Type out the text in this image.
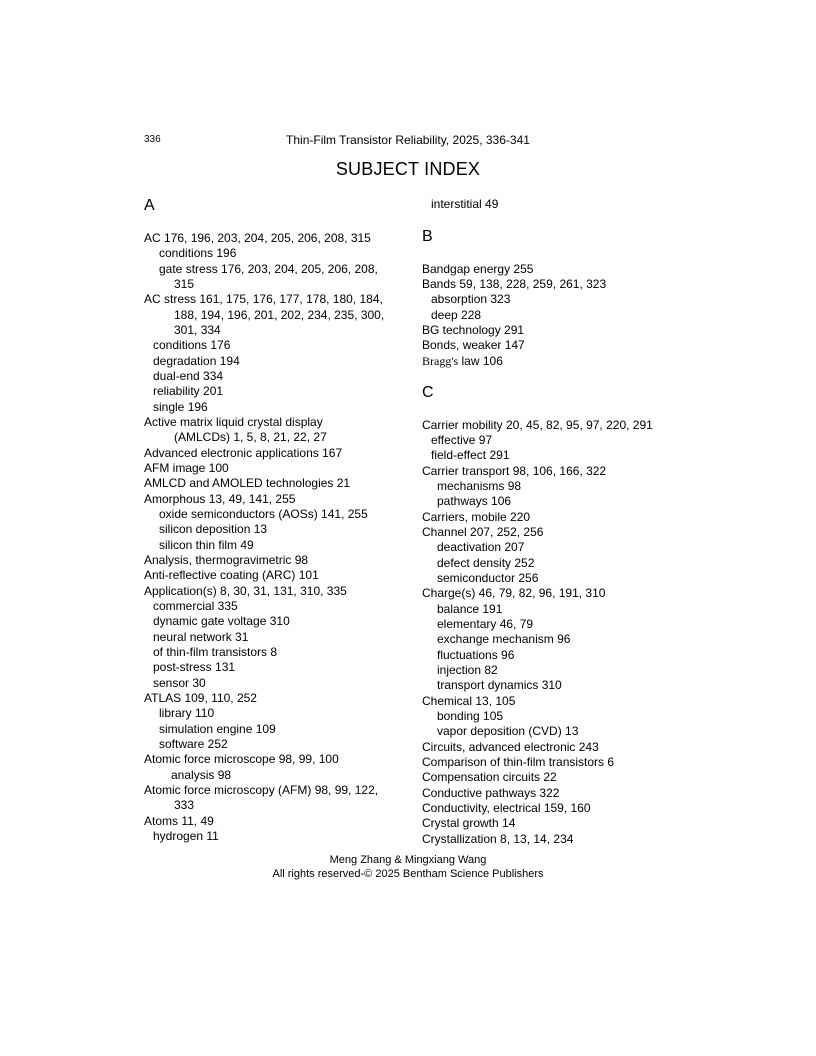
336	Thin-Film Transistor Reliability, 2025, 336-341
SUBJECT INDEX
A
AC 176, 196, 203, 204, 205, 206, 208, 315
conditions 196
gate stress 176, 203, 204, 205, 206, 208,
315
AC stress 161, 175, 176, 177, 178, 180, 184,
188, 194, 196, 201, 202, 234, 235, 300,
301, 334
conditions 176
degradation 194
dual-end 334
reliability 201
single 196
Active matrix liquid crystal display
(AMLCDs) 1, 5, 8, 21, 22, 27
Advanced electronic applications 167
AFM image 100
AMLCD and AMOLED technologies 21
Amorphous 13, 49, 141, 255
oxide semiconductors (AOSs) 141, 255
silicon deposition 13
silicon thin film 49
Analysis, thermogravimetric 98
Anti-reflective coating (ARC) 101
Application(s) 8, 30, 31, 131, 310, 335
commercial 335
dynamic gate voltage 310
neural network 31
of thin-film transistors 8
post-stress 131
sensor 30
ATLAS 109, 110, 252
library 110
simulation engine 109
software 252
Atomic force microscope 98, 99, 100
analysis 98
Atomic force microscopy (AFM) 98, 99, 122,
333
Atoms 11, 49
hydrogen 11
interstitial 49
B
Bandgap energy 255
Bands 59, 138, 228, 259, 261, 323
absorption 323
deep 228
BG technology 291
Bonds, weaker 147
Bragg's law 106
C
Carrier mobility 20, 45, 82, 95, 97, 220, 291
effective 97
field-effect 291
Carrier transport 98, 106, 166, 322
mechanisms 98
pathways 106
Carriers, mobile 220
Channel 207, 252, 256
deactivation 207
defect density 252
semiconductor 256
Charge(s) 46, 79, 82, 96, 191, 310
balance 191
elementary 46, 79
exchange mechanism 96
fluctuations 96
injection 82
transport dynamics 310
Chemical 13, 105
bonding 105
vapor deposition (CVD) 13
Circuits, advanced electronic 243
Comparison of thin-film transistors 6
Compensation circuits 22
Conductive pathways 322
Conductivity, electrical 159, 160
Crystal growth 14
Crystallization 8, 13, 14, 234
Meng Zhang & Mingxiang Wang
All rights reserved-© 2025 Bentham Science Publishers
